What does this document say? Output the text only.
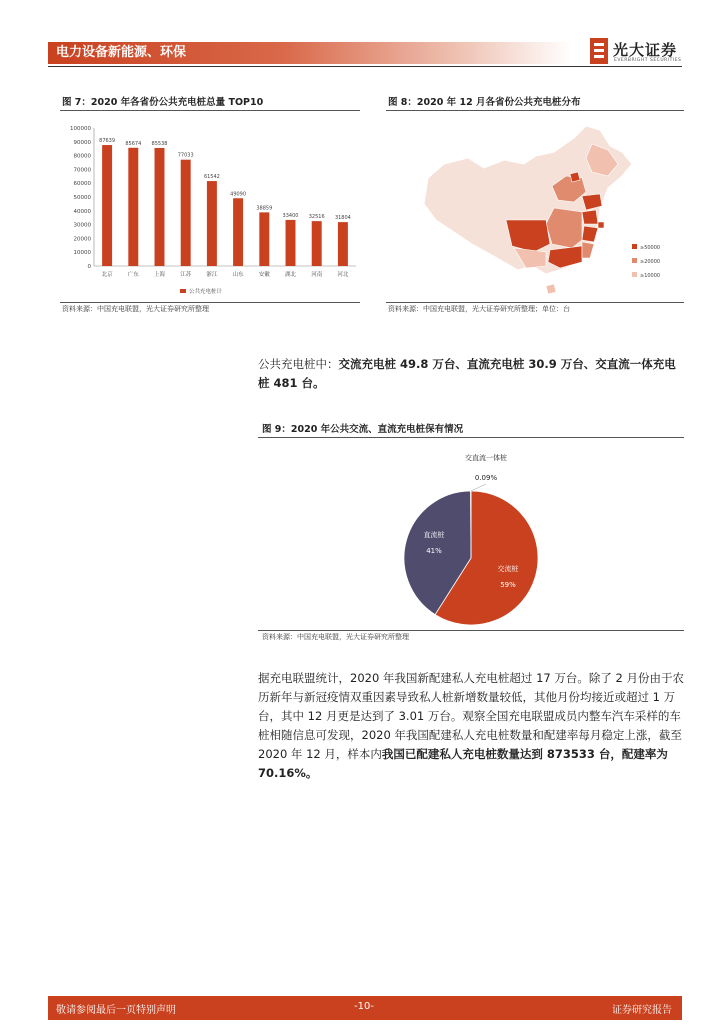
电力设备新能源、环保	光大证券
EVERBRIGHT SECURITIES
图 7：2020 年各省份公共充电桩总量 TOP10
100000
90000
80000
70000
60000
50000
40000
30000
20000
10000
0
87639
北京
85674
广东
85538
上海
77033
江苏
61542
浙江
49090
山东
38859
安徽
33400
湖北
32516
河南
31804
河北
公共充电桩计
资料来源：中国充电联盟，光大证券研究所整理
图 8：2020 年 12 月各省份公共充电桩分布
≥50000
≥20000
≥10000
资料来源：中国充电联盟，光大证券研究所整理；单位：台
公共充电桩中：交流充电桩 49.8 万台、直流充电桩 30.9 万台、交直流一体充电桩 481 台。
图 9：2020 年公共交流、直流充电桩保有情况
交直流一体桩
0.09%
直流桩
41%
交流桩
59%
资料来源：中国充电联盟，光大证券研究所整理
据充电联盟统计，2020 年我国新配建私人充电桩超过 17 万台。除了 2 月份由于农历新年与新冠疫情双重因素导致私人桩新增数量较低，其他月份均接近或超过 1 万台，其中 12 月更是达到了 3.01 万台。观察全国充电联盟成员内整车汽车采样的车桩相随信息可发现，2020 年我国配建私人充电桩数量和配建率每月稳定上涨，截至 2020 年 12 月，样本内我国已配建私人充电桩数量达到 873533 台，配建率为 70.16%。
敬请参阅最后一页特别声明	-10-	证券研究报告
